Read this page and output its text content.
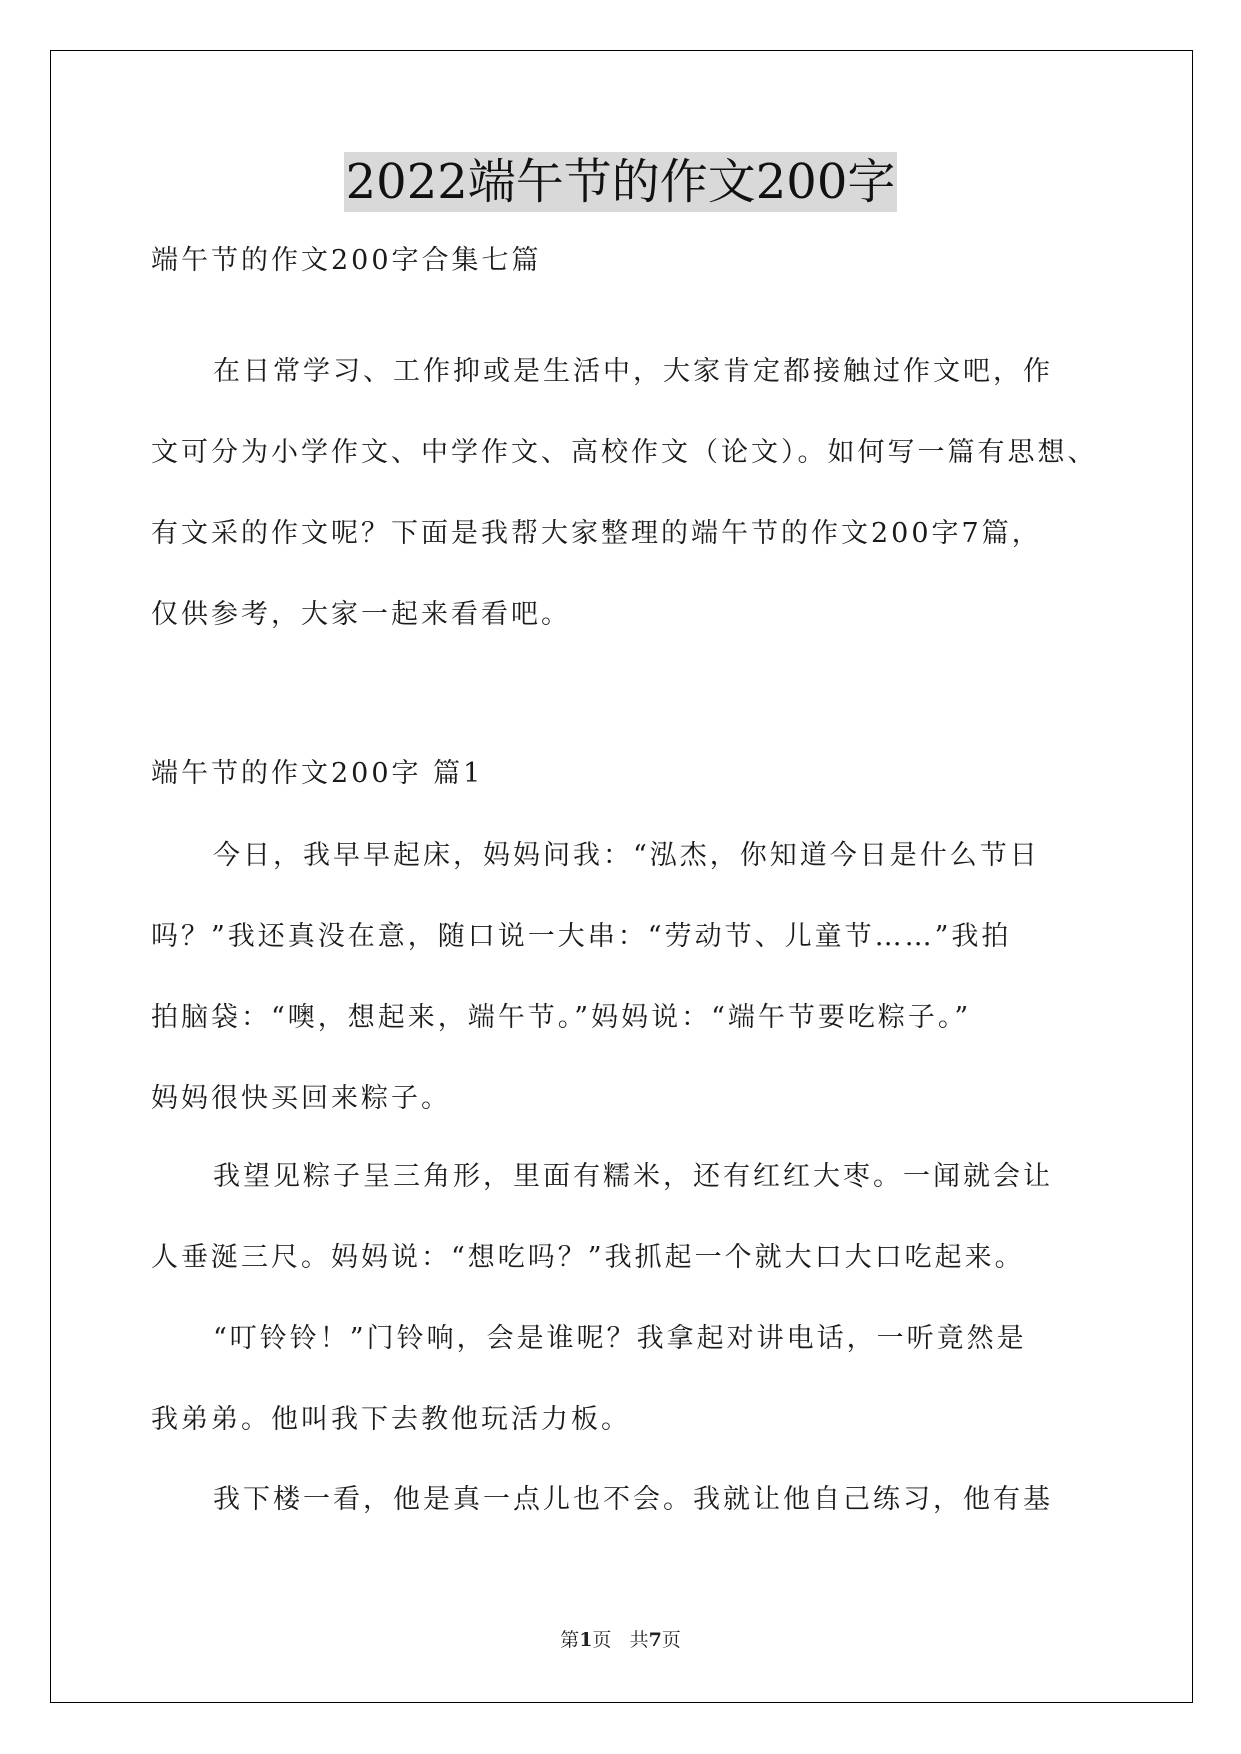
2022端午节的作文200字

端午节的作文200字合集七篇

在日常学习、工作抑或是生活中，大家肯定都接触过作文吧，作
文可分为小学作文、中学作文、高校作文（论文）。如何写一篇有思想、
有文采的作文呢？下面是我帮大家整理的端午节的作文200字7篇，
仅供参考，大家一起来看看吧。

端午节的作文200字 篇1

今日，我早早起床，妈妈问我：“泓杰，你知道今日是什么节日
吗？”我还真没在意，随口说一大串：“劳动节、儿童节……”我拍
拍脑袋：“噢，想起来，端午节。”妈妈说：“端午节要吃粽子。”
妈妈很快买回来粽子。
我望见粽子呈三角形，里面有糯米，还有红红大枣。一闻就会让
人垂涎三尺。妈妈说：“想吃吗？”我抓起一个就大口大口吃起来。
“叮铃铃！”门铃响，会是谁呢？我拿起对讲电话，一听竟然是
我弟弟。他叫我下去教他玩活力板。
我下楼一看，他是真一点儿也不会。我就让他自己练习，他有基
第1页 共7页
